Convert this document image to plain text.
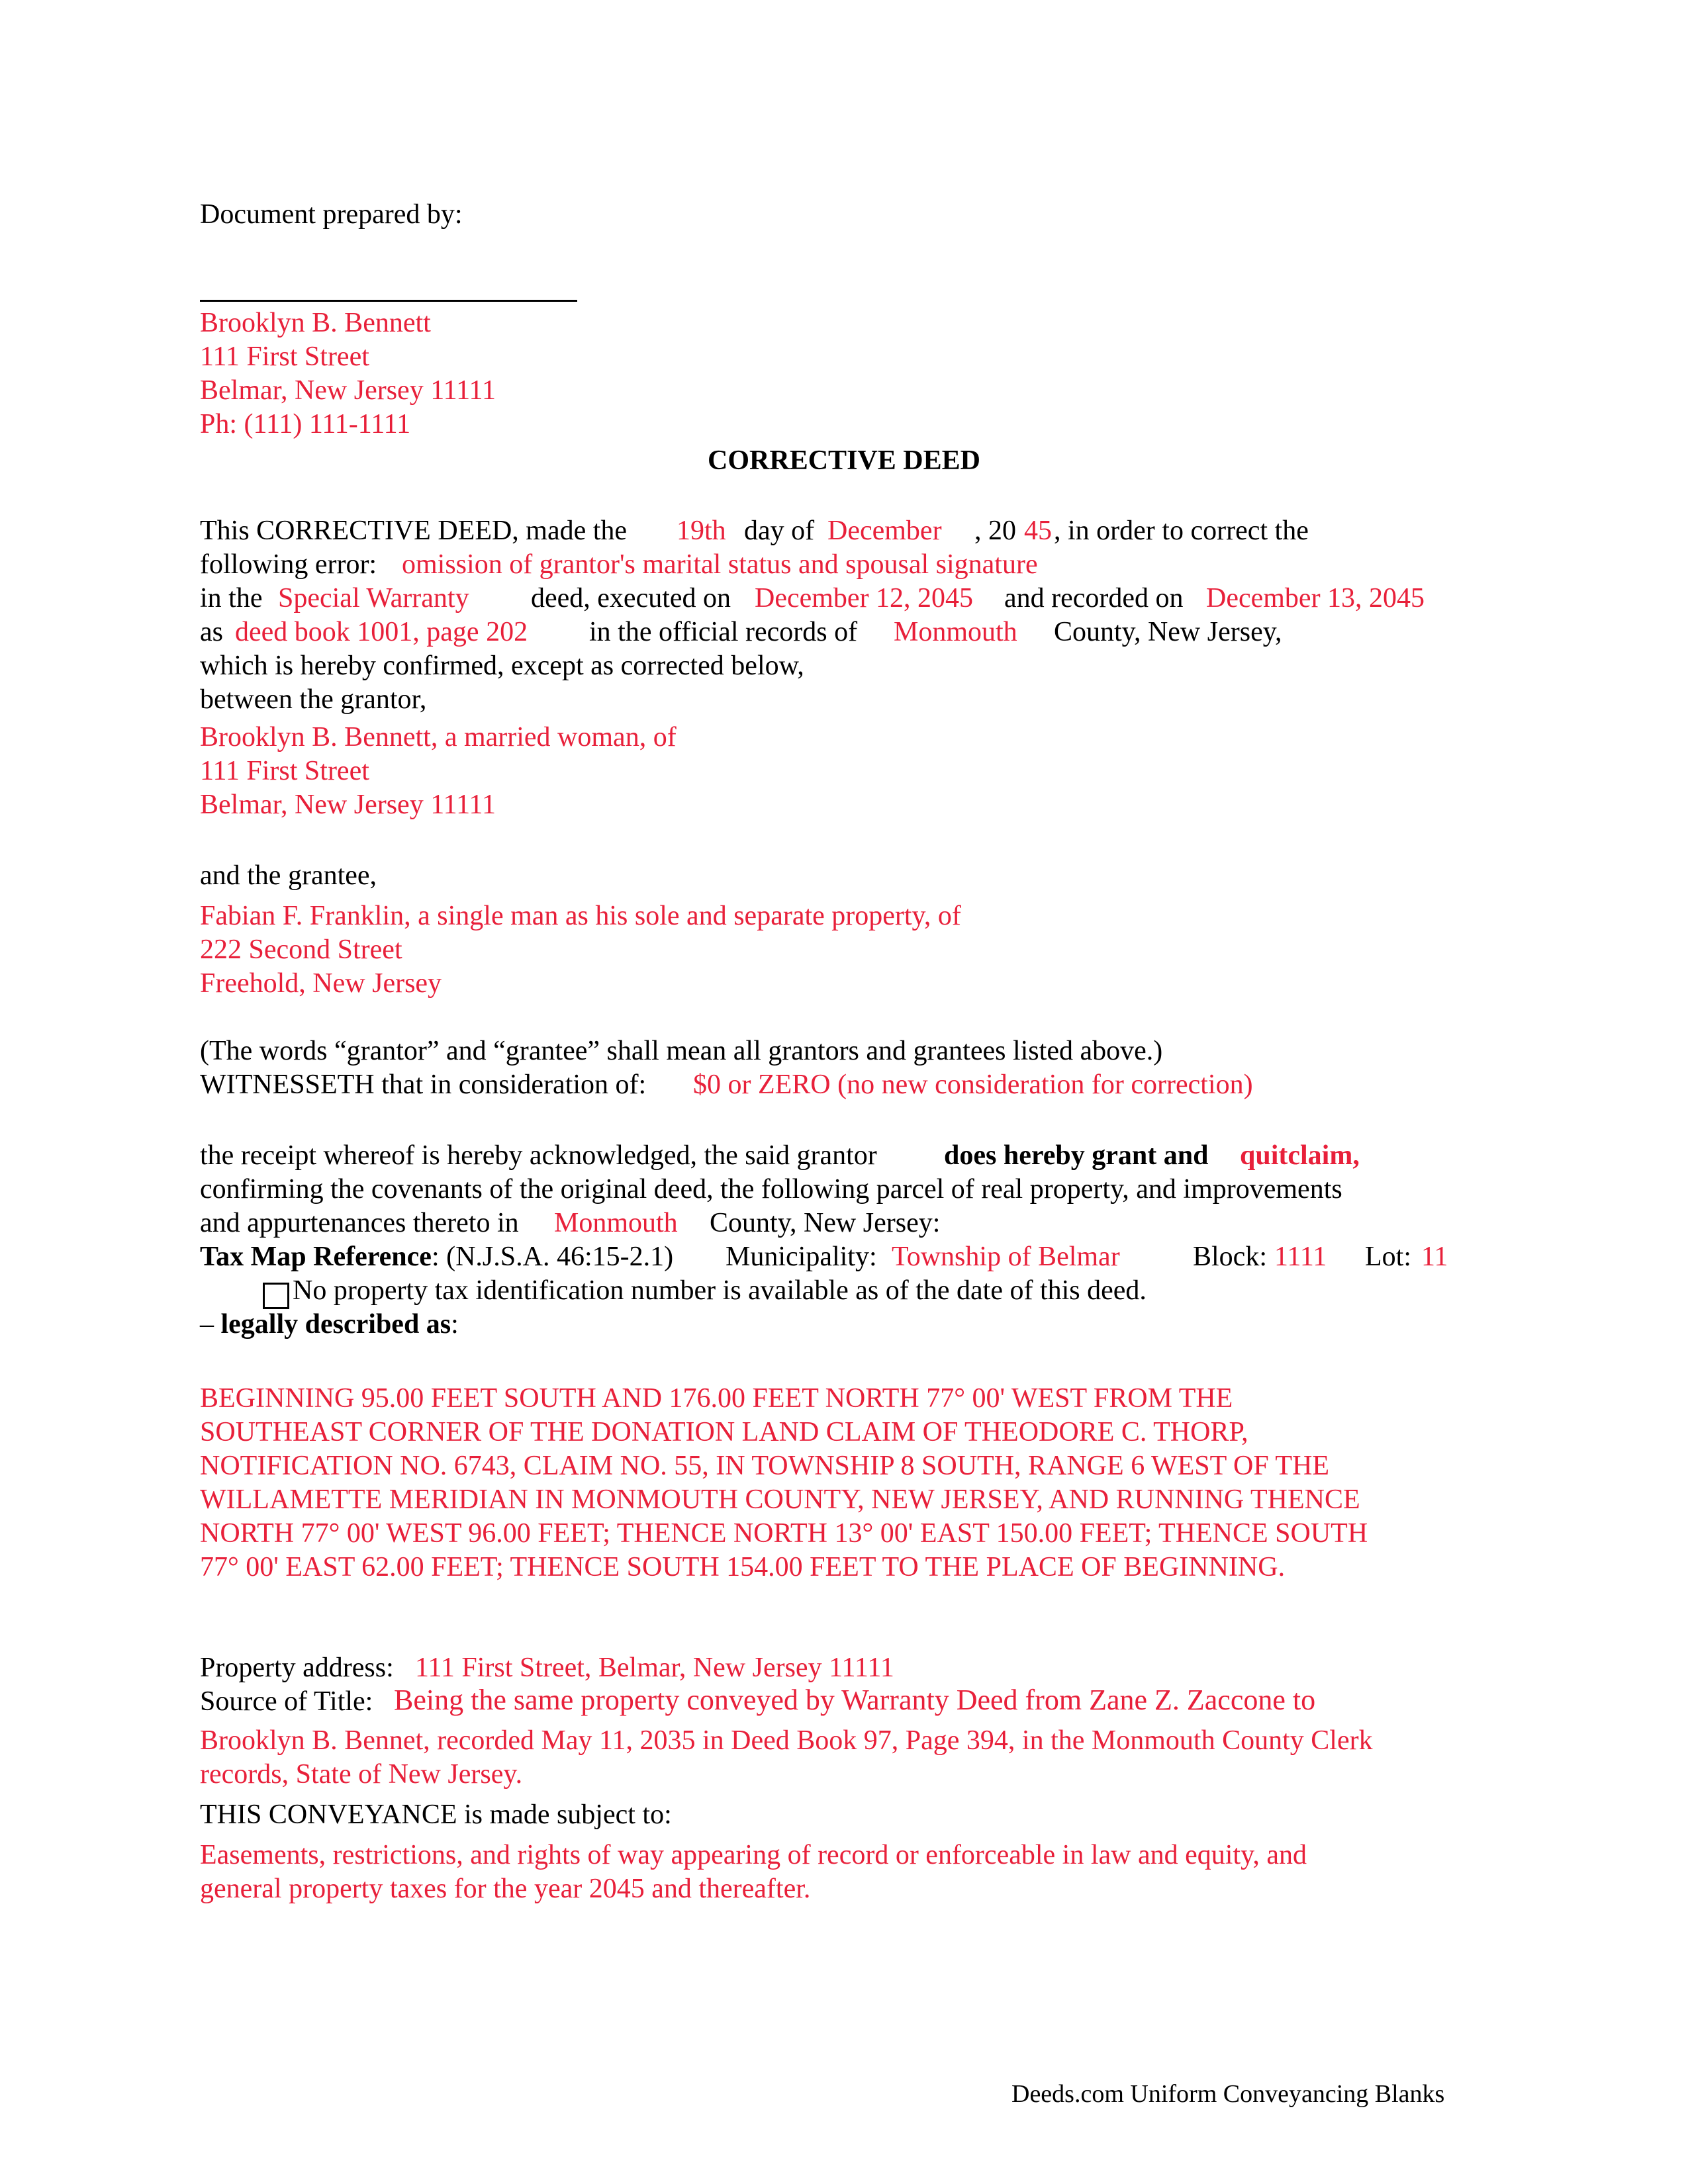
Document prepared by:
Brooklyn B. Bennett
111 First Street
Belmar, New Jersey 11111
Ph: (111) 111-1111
CORRECTIVE DEED
This CORRECTIVE DEED, made the 19th day of December , 20 45 , in order to correct the
following error: omission of grantor's marital status and spousal signature
in the Special Warranty deed, executed on December 12, 2045 and recorded on December 13, 2045
as deed book 1001, page 202 in the official records of Monmouth County, New Jersey,
which is hereby confirmed, except as corrected below,
between the grantor,
Brooklyn B. Bennett, a married woman, of
111 First Street
Belmar, New Jersey 11111
and the grantee,
Fabian F. Franklin, a single man as his sole and separate property, of
222 Second Street
Freehold, New Jersey
(The words “grantor” and “grantee” shall mean all grantors and grantees listed above.)
WITNESSETH that in consideration of: $0 or ZERO (no new consideration for correction)
the receipt whereof is hereby acknowledged, the said grantor does hereby grant and quitclaim,
confirming the covenants of the original deed, the following parcel of real property, and improvements
and appurtenances thereto in Monmouth County, New Jersey:
Tax Map Reference: (N.J.S.A. 46:15-2.1) Municipality: Township of Belmar	Block: 1111 Lot: 11
No property tax identification number is available as of the date of this deed.
– legally described as:
BEGINNING 95.00 FEET SOUTH AND 176.00 FEET NORTH 77° 00' WEST FROM THE
SOUTHEAST CORNER OF THE DONATION LAND CLAIM OF THEODORE C. THORP,
NOTIFICATION NO. 6743, CLAIM NO. 55, IN TOWNSHIP 8 SOUTH, RANGE 6 WEST OF THE
WILLAMETTE MERIDIAN IN MONMOUTH COUNTY, NEW JERSEY, AND RUNNING THENCE
NORTH 77° 00' WEST 96.00 FEET; THENCE NORTH 13° 00' EAST 150.00 FEET; THENCE SOUTH
77° 00' EAST 62.00 FEET; THENCE SOUTH 154.00 FEET TO THE PLACE OF BEGINNING.
Property address: 111 First Street, Belmar, New Jersey 11111
Source of Title: Being the same property conveyed by Warranty Deed from Zane Z. Zaccone to
Brooklyn B. Bennet, recorded May 11, 2035 in Deed Book 97, Page 394, in the Monmouth County Clerk
records, State of New Jersey.
THIS CONVEYANCE is made subject to:
Easements, restrictions, and rights of way appearing of record or enforceable in law and equity, and
general property taxes for the year 2045 and thereafter.
Deeds.com Uniform Conveyancing Blanks
